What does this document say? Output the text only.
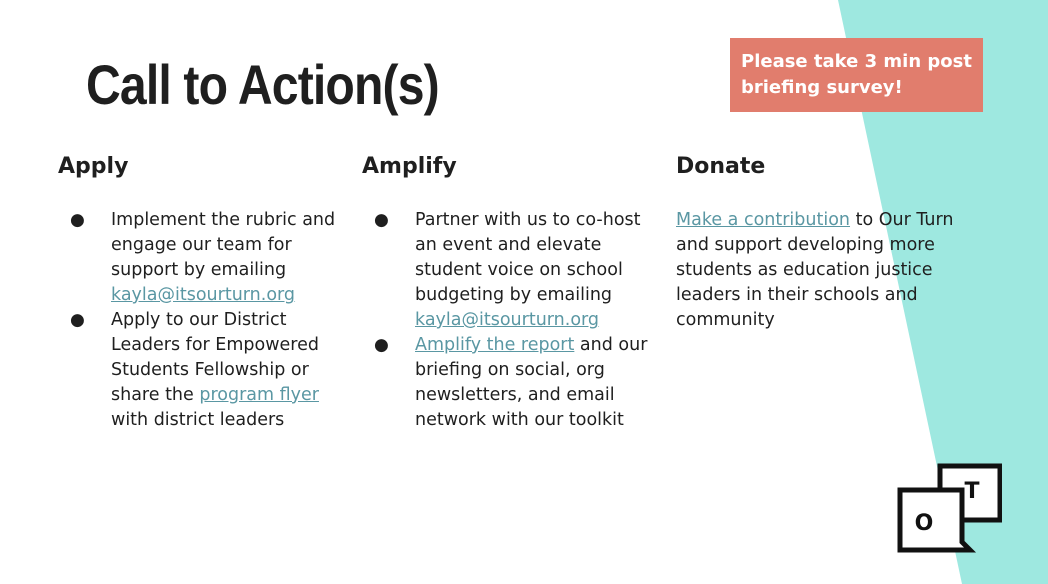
Call to Action(s)	Please take 3 min post briefing survey!
Apply
● Implement the rubric and engage our team for support by emailing kayla@itsourturn.org
● Apply to our District Leaders for Empowered Students Fellowship or share the program flyer with district leaders
Amplify
● Partner with us to co-host an event and elevate student voice on school budgeting by emailing kayla@itsourturn.org
● Amplify the report and our briefing on social, org newsletters, and email network with our toolkit
Donate

Make a contribution to Our Turn and support developing more students as education justice leaders in their schools and community

O
T
